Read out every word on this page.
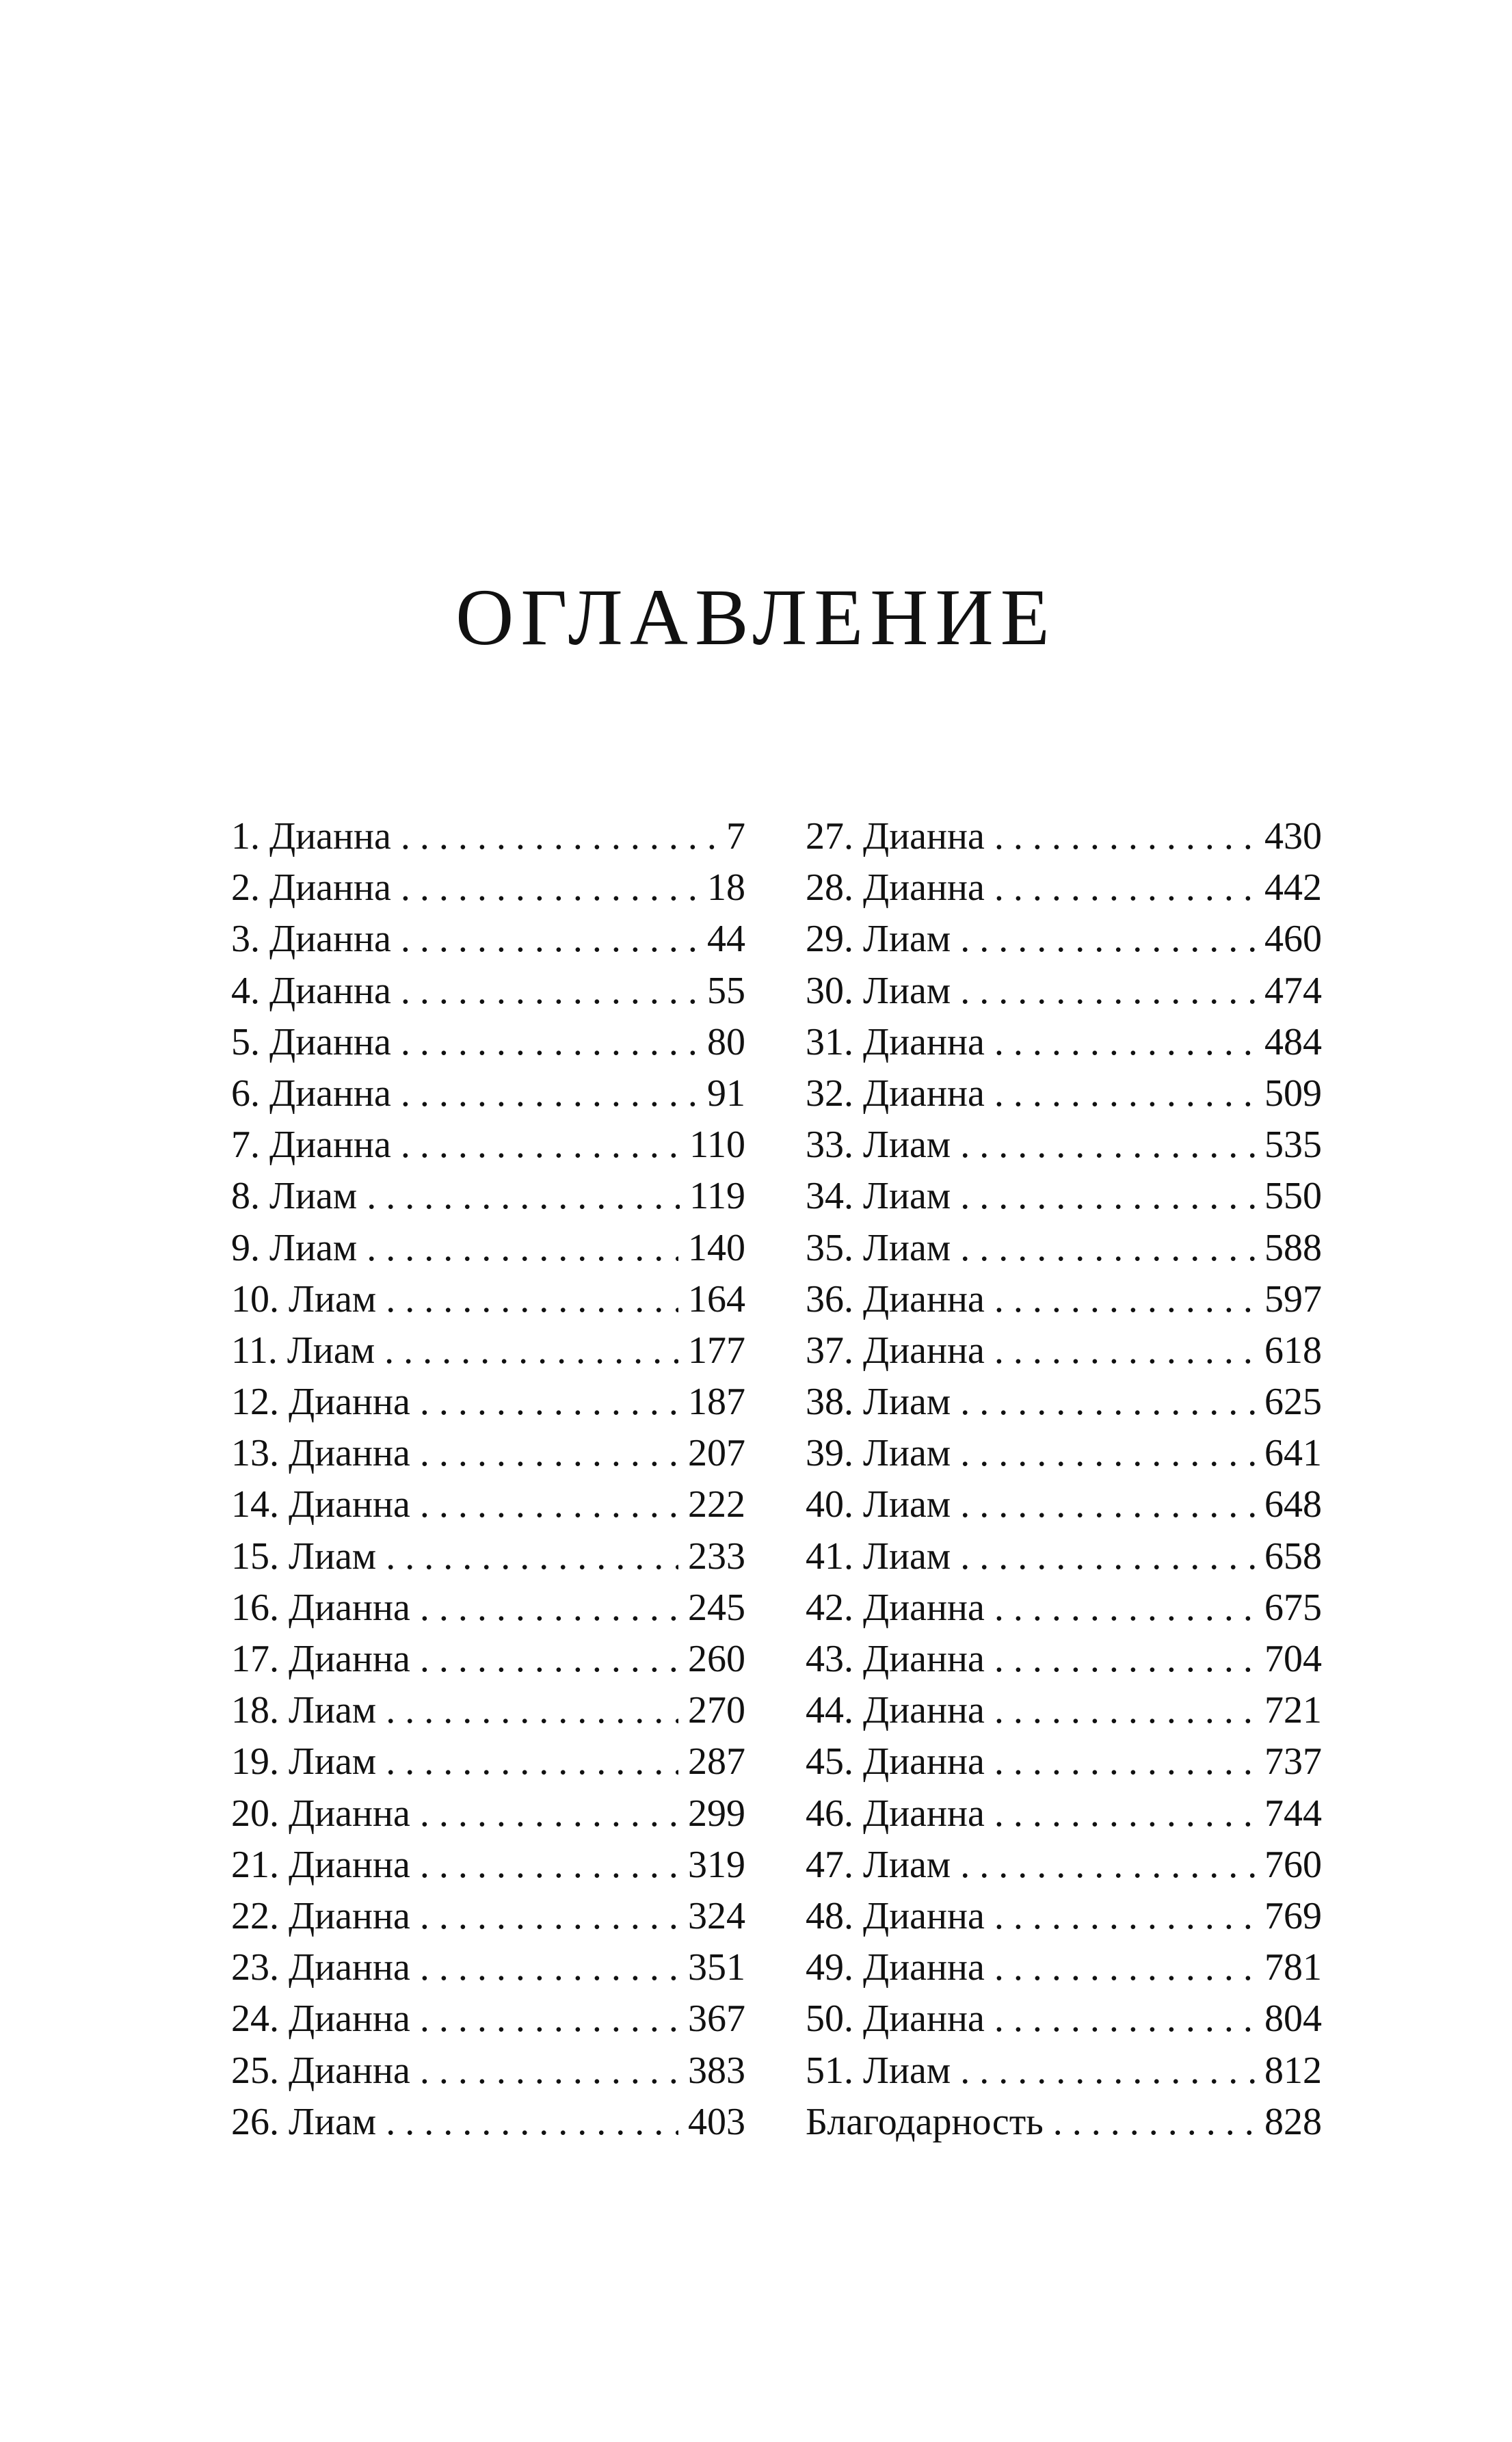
ОГЛАВЛЕНИЕ
1. Дианна . . .	7
2. Дианна . . .	18
3. Дианна . . .	44
4. Дианна . . .	55
5. Дианна . . .	80
6. Дианна . . .	91
7. Дианна . . .	110
8. Лиам . . .	119
9. Лиам . . .	140
10. Лиам . . .	164
11. Лиам . . .	177
12. Дианна . . .	187
13. Дианна . . .	207
14. Дианна . . .	222
15. Лиам . . .	233
16. Дианна . . .	245
17. Дианна . . .	260
18. Лиам . . .	270
19. Лиам . . .	287
20. Дианна . . .	299
21. Дианна . . .	319
22. Дианна . . .	324
23. Дианна . . .	351
24. Дианна . . .	367
25. Дианна . . .	383
26. Лиам . . .	403
27. Дианна . . .	430
28. Дианна . . .	442
29. Лиам . . .	460
30. Лиам . . .	474
31. Дианна . . .	484
32. Дианна . . .	509
33. Лиам . . .	535
34. Лиам . . .	550
35. Лиам . . .	588
36. Дианна . . .	597
37. Дианна . . .	618
38. Лиам . . .	625
39. Лиам . . .	641
40. Лиам . . .	648
41. Лиам . . .	658
42. Дианна . . .	675
43. Дианна . . .	704
44. Дианна . . .	721
45. Дианна . . .	737
46. Дианна . . .	744
47. Лиам . . .	760
48. Дианна . . .	769
49. Дианна . . .	781
50. Дианна . . .	804
51. Лиам . . .	812
Благодарность . . .	828
